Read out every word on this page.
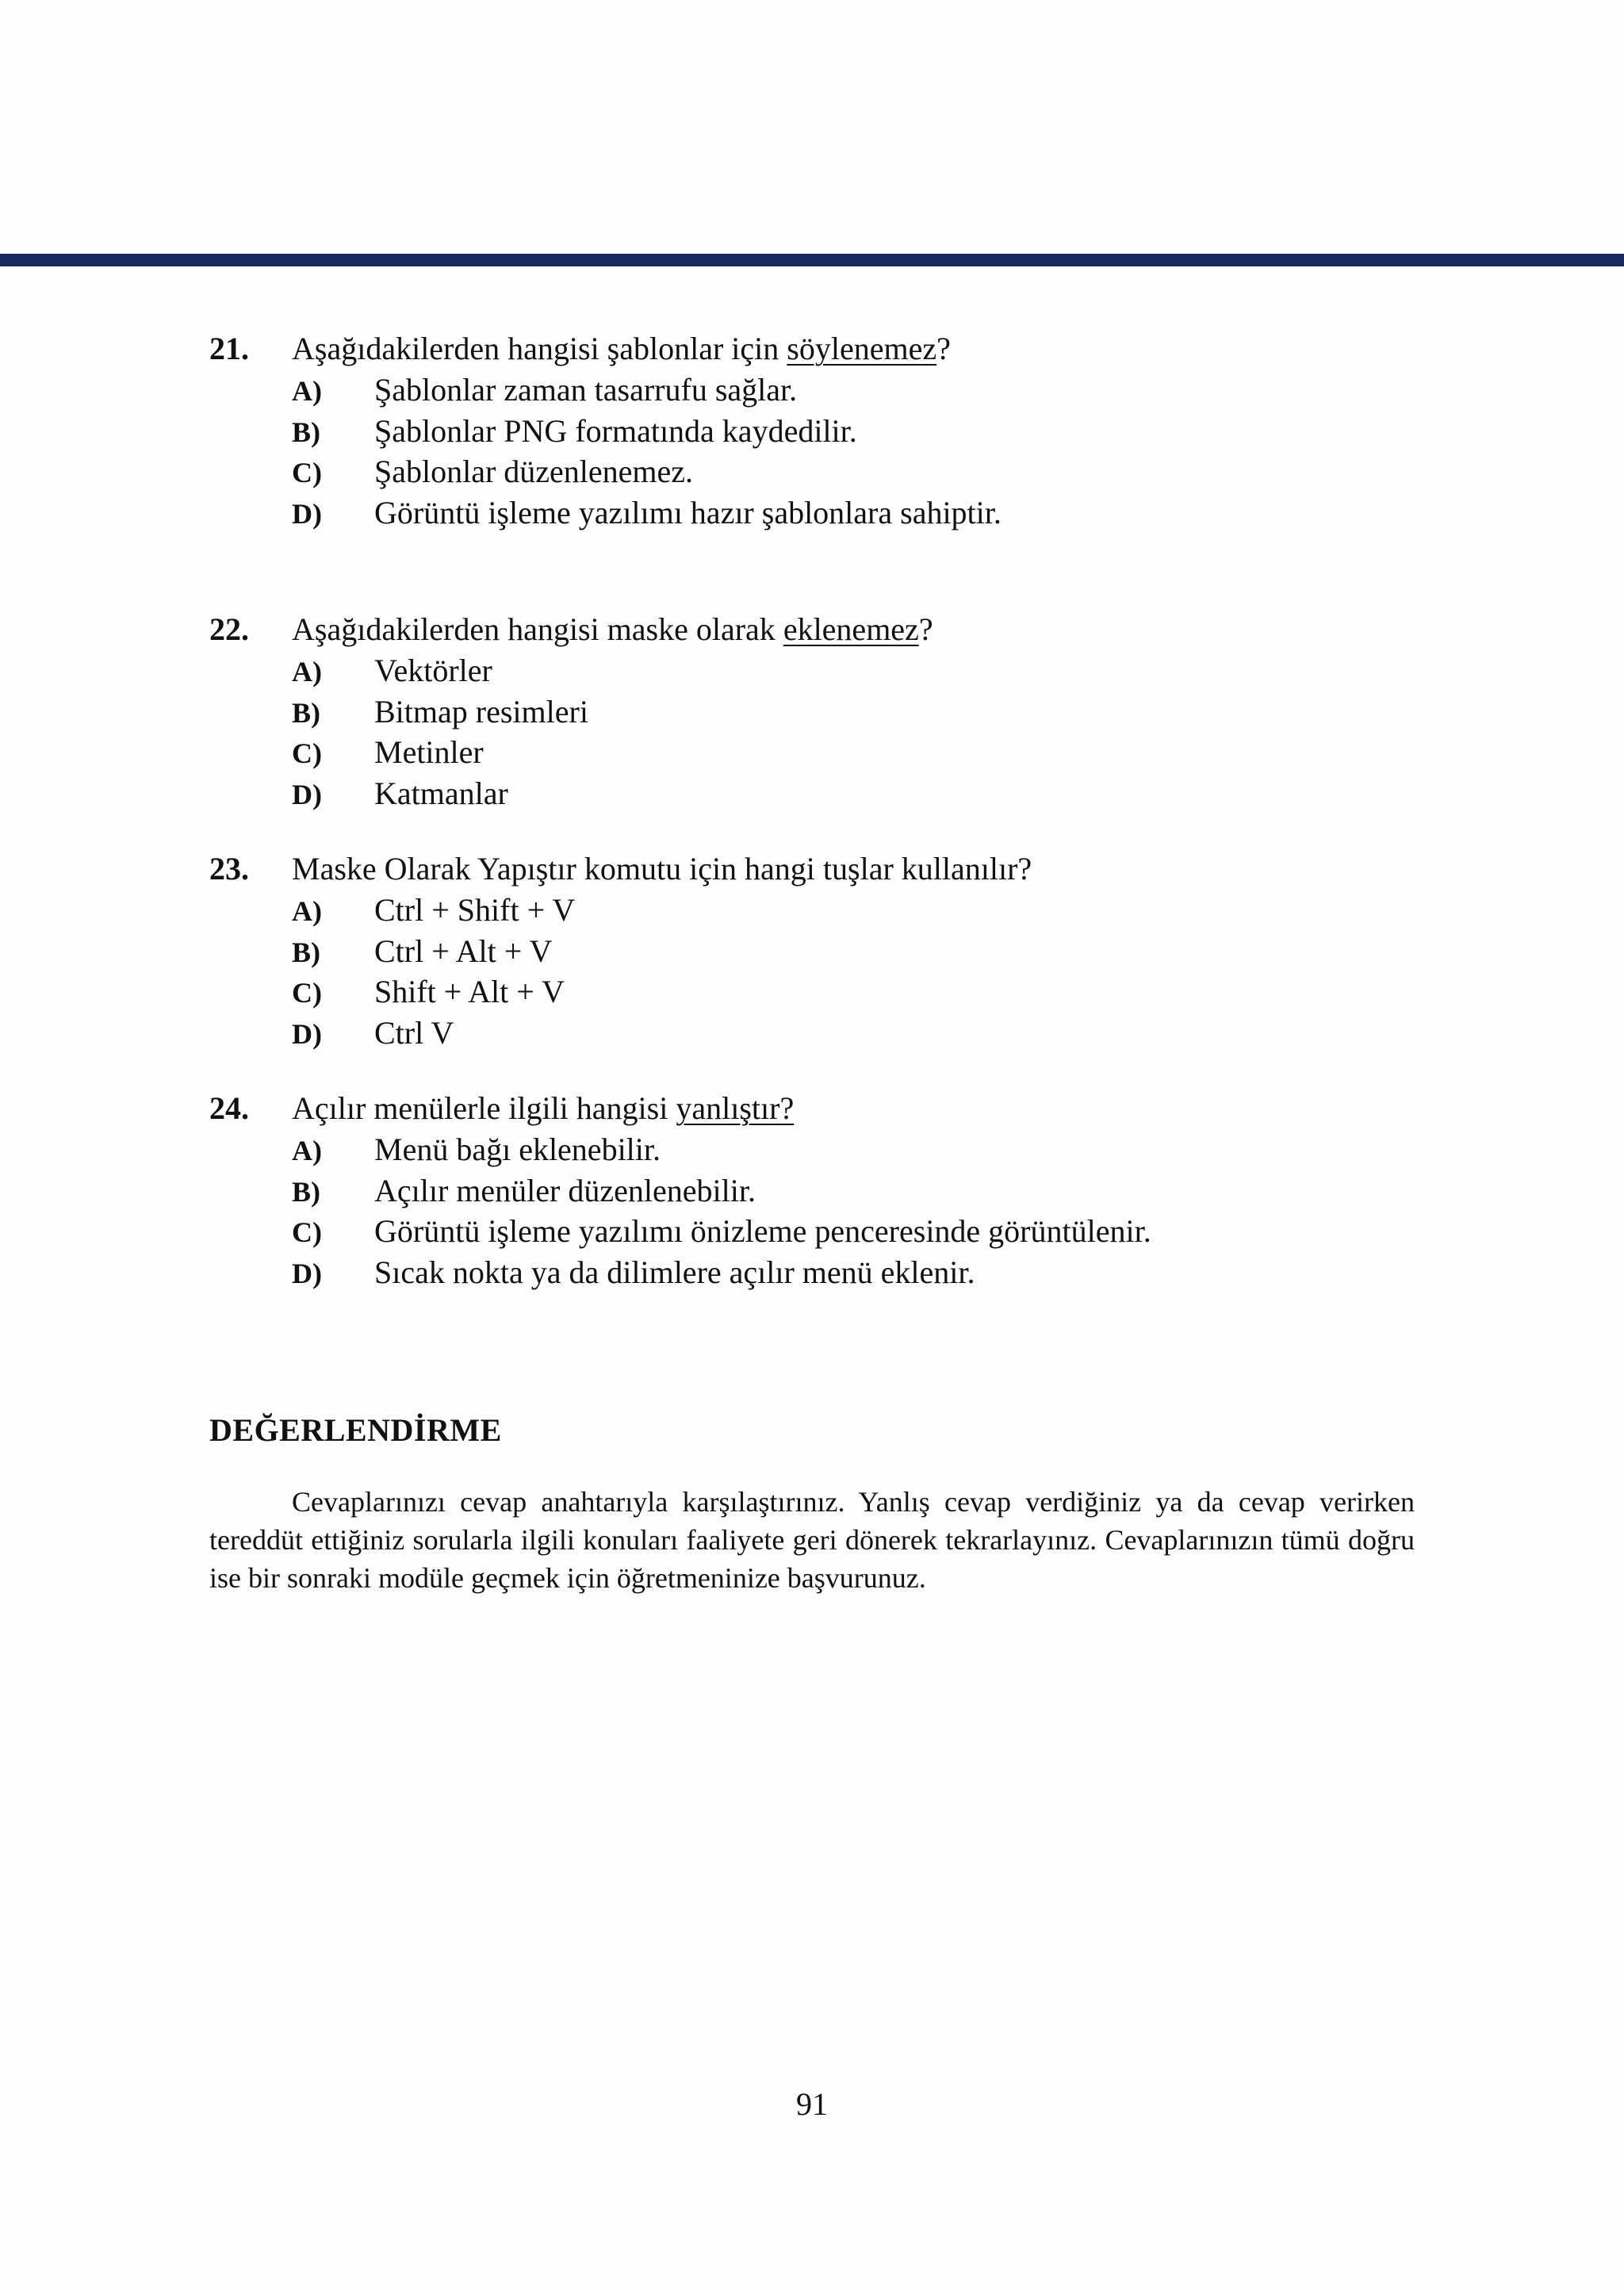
21.	Aşağıdakilerden hangisi şablonlar için söylenemez?
A)	Şablonlar zaman tasarrufu sağlar.
B)	Şablonlar PNG formatında kaydedilir.
C)	Şablonlar düzenlenemez.
D)	Görüntü işleme yazılımı hazır şablonlara sahiptir.
22.	Aşağıdakilerden hangisi maske olarak eklenemez?
A)	Vektörler
B)	Bitmap resimleri
C)	Metinler
D)	Katmanlar
23.	Maske Olarak Yapıştır komutu için hangi tuşlar kullanılır?
A)	Ctrl + Shift + V
B)	Ctrl + Alt + V
C)	Shift + Alt + V
D)	Ctrl V
24.	Açılır menülerle ilgili hangisi yanlıştır?
A)	Menü bağı eklenebilir.
B)	Açılır menüler düzenlenebilir.
C)	Görüntü işleme yazılımı önizleme penceresinde görüntülenir.
D)	Sıcak nokta ya da dilimlere açılır menü eklenir.
DEĞERLENDİRME

Cevaplarınızı cevap anahtarıyla karşılaştırınız. Yanlış cevap verdiğiniz ya da cevap verirken tereddüt ettiğiniz sorularla ilgili konuları faaliyete geri dönerek tekrarlayınız. Cevaplarınızın tümü doğru ise bir sonraki modüle geçmek için öğretmeninize başvurunuz.

91
